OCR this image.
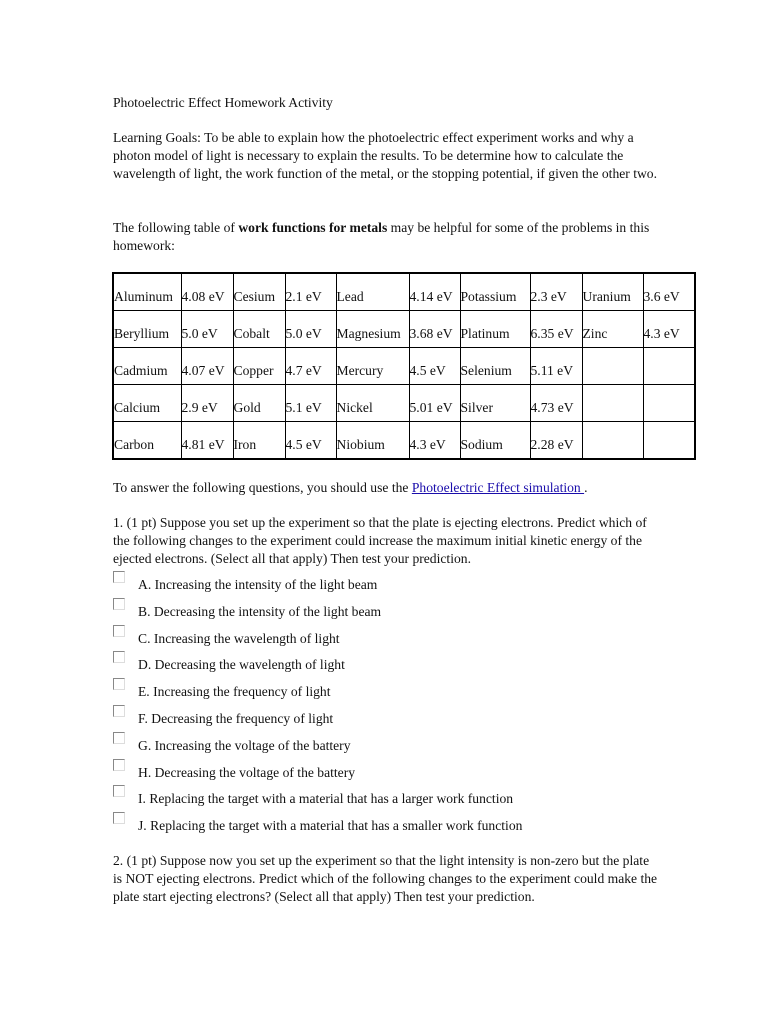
Photoelectric Effect Homework Activity
Learning Goals: To be able to explain how the photoelectric effect experiment works and why a photon model of light is necessary to explain the results. To be determine how to calculate the wavelength of light, the work function of the metal, or the stopping potential, if given the other two.
The following table of work functions for metals may be helpful for some of the problems in this homework:
To answer the following questions, you should use the Photoelectric Effect simulation .
1. (1 pt) Suppose you set up the experiment so that the plate is ejecting electrons. Predict which of the following changes to the experiment could increase the maximum initial kinetic energy of the ejected electrons. (Select all that apply) Then test your prediction.
2. (1 pt) Suppose now you set up the experiment so that the light intensity is non-zero but the plate is NOT ejecting electrons. Predict which of the following changes to the experiment could make the plate start ejecting electrons? (Select all that apply) Then test your prediction.
Aluminum	4.08 eV	Cesium	2.1 eV	Lead	4.14 eV	Potassium	2.3 eV	Uranium	3.6 eV

Beryllium	5.0 eV	Cobalt	5.0 eV	Magnesium	3.68 eV	Platinum	6.35 eV	Zinc	4.3 eV

Cadmium	4.07 eV	Copper	4.7 eV	Mercury	4.5 eV	Selenium	5.11 eV		

Calcium	2.9 eV	Gold	5.1 eV	Nickel	5.01 eV	Silver	4.73 eV		

Carbon	4.81 eV	Iron	4.5 eV	Niobium	4.3 eV	Sodium	2.28 eV		

A. Increasing the intensity of the light beam
B. Decreasing the intensity of the light beam
C. Increasing the wavelength of light
D. Decreasing the wavelength of light
E. Increasing the frequency of light
F. Decreasing the frequency of light
G. Increasing the voltage of the battery
H. Decreasing the voltage of the battery
I. Replacing the target with a material that has a larger work function
J. Replacing the target with a material that has a smaller work function
